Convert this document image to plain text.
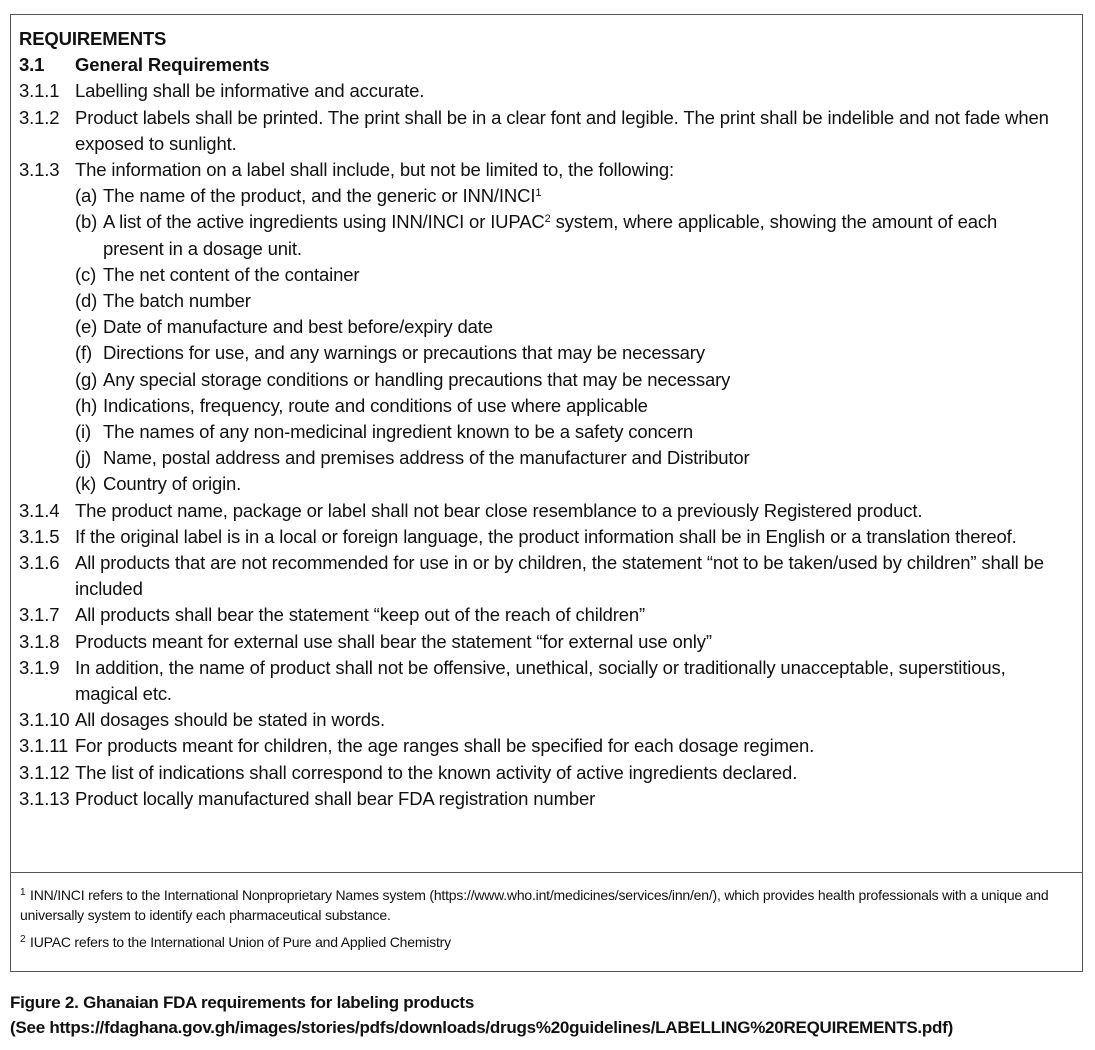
REQUIREMENTS
3.1	General Requirements
3.1.1 Labelling shall be informative and accurate.
3.1.2 Product labels shall be printed. The print shall be in a clear font and legible. The print shall be indelible and not fade when exposed to sunlight.
3.1.3 The information on a label shall include, but not be limited to, the following:
(a) The name of the product, and the generic or INN/INCI$^1$
(b) A list of the active ingredients using INN/INCI or IUPAC$^2$ system, where applicable, showing the amount of each present in a dosage unit.
(c) The net content of the container
(d) The batch number
(e) Date of manufacture and best before/expiry date
(f) Directions for use, and any warnings or precautions that may be necessary
(g) Any special storage conditions or handling precautions that may be necessary
(h) Indications, frequency, route and conditions of use where applicable
(i) The names of any non-medicinal ingredient known to be a safety concern
(j) Name, postal address and premises address of the manufacturer and Distributor
(k) Country of origin.
3.1.4 The product name, package or label shall not bear close resemblance to a previously Registered product.
3.1.5 If the original label is in a local or foreign language, the product information shall be in English or a translation thereof.
3.1.6 All products that are not recommended for use in or by children, the statement “not to be taken/used by children” shall be included
3.1.7 All products shall bear the statement “keep out of the reach of children”
3.1.8 Products meant for external use shall bear the statement “for external use only”
3.1.9 In addition, the name of product shall not be offensive, unethical, socially or traditionally unacceptable, superstitious, magical etc.
3.1.10 All dosages should be stated in words.
3.1.11 For products meant for children, the age ranges shall be specified for each dosage regimen.
3.1.12 The list of indications shall correspond to the known activity of active ingredients declared.
3.1.13 Product locally manufactured shall bear FDA registration number
1 INN/INCI refers to the International Nonproprietary Names system (https://www.who.int/medicines/services/inn/en/), which provides health professionals with a unique and universally system to identify each pharmaceutical substance.
2 IUPAC refers to the International Union of Pure and Applied Chemistry
Figure 2. Ghanaian FDA requirements for labeling products
(See https://fdaghana.gov.gh/images/stories/pdfs/downloads/drugs%20guidelines/LABELLING%20REQUIREMENTS.pdf)
